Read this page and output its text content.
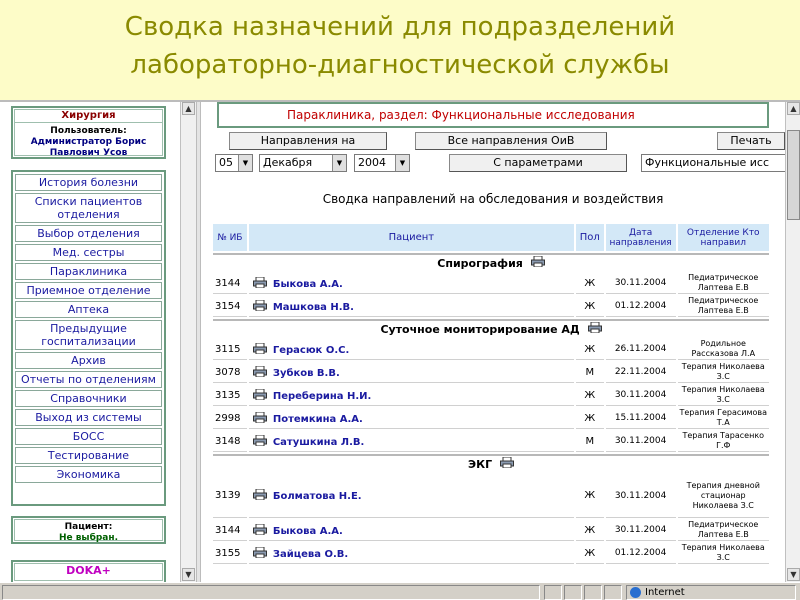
Сводка назначений для подразделений
лабораторно-диагностической службы
Хирургия
Пользователь:
Администратор Борис
Павлович Усов
История болезни
Списки пациентов отделения
Выбор отделения
Мед. сестры
Параклиника
Приемное отделение
Аптека
Предыдущие госпитализации
Архив
Отчеты по отделениям
Справочники
Выход из системы
БОСС
Тестирование
Экономика
Пациент:
Не выбран.
DOKA+
▲
▼
Параклиника, раздел: Функциональные исследования
Направления на	Все направления ОиВ	Печать
05	▼	Декабря	▼	2004	▼	С параметрами	Функциональные исс
Сводка направлений на обследования и воздействия
№ ИБ	Пациент	Пол	Дата направления	Отделение Кто направил
Спирография				
3144	Быкова А.А.	Ж	30.11.2004	Педиатрическое Лаптева Е.В
3154	Машкова Н.В.	Ж	01.12.2004	Педиатрическое Лаптева Е.В
Суточное мониторирование АД				
3115	Герасюк О.С.	Ж	26.11.2004	Родильное Рассказова Л.А
3078	Зубков В.В.	М	22.11.2004	Терапия Николаева З.С
3135	Переберина Н.И.	Ж	30.11.2004	Терапия Николаева З.С
2998	Потемкина А.А.	Ж	15.11.2004	Терапия Герасимова Т.А
3148	Сатушкина Л.В.	М	30.11.2004	Терапия Тарасенко Г.Ф
ЭКГ				
3139	Болматова Н.Е.	Ж	30.11.2004	Терапия дневной стационар Николаева З.С
3144	Быкова А.А.	Ж	30.11.2004	Педиатрическое Лаптева Е.В
3155	Зайцева О.В.	Ж	01.12.2004	Терапия Николаева З.С
▲
▼
Internet
